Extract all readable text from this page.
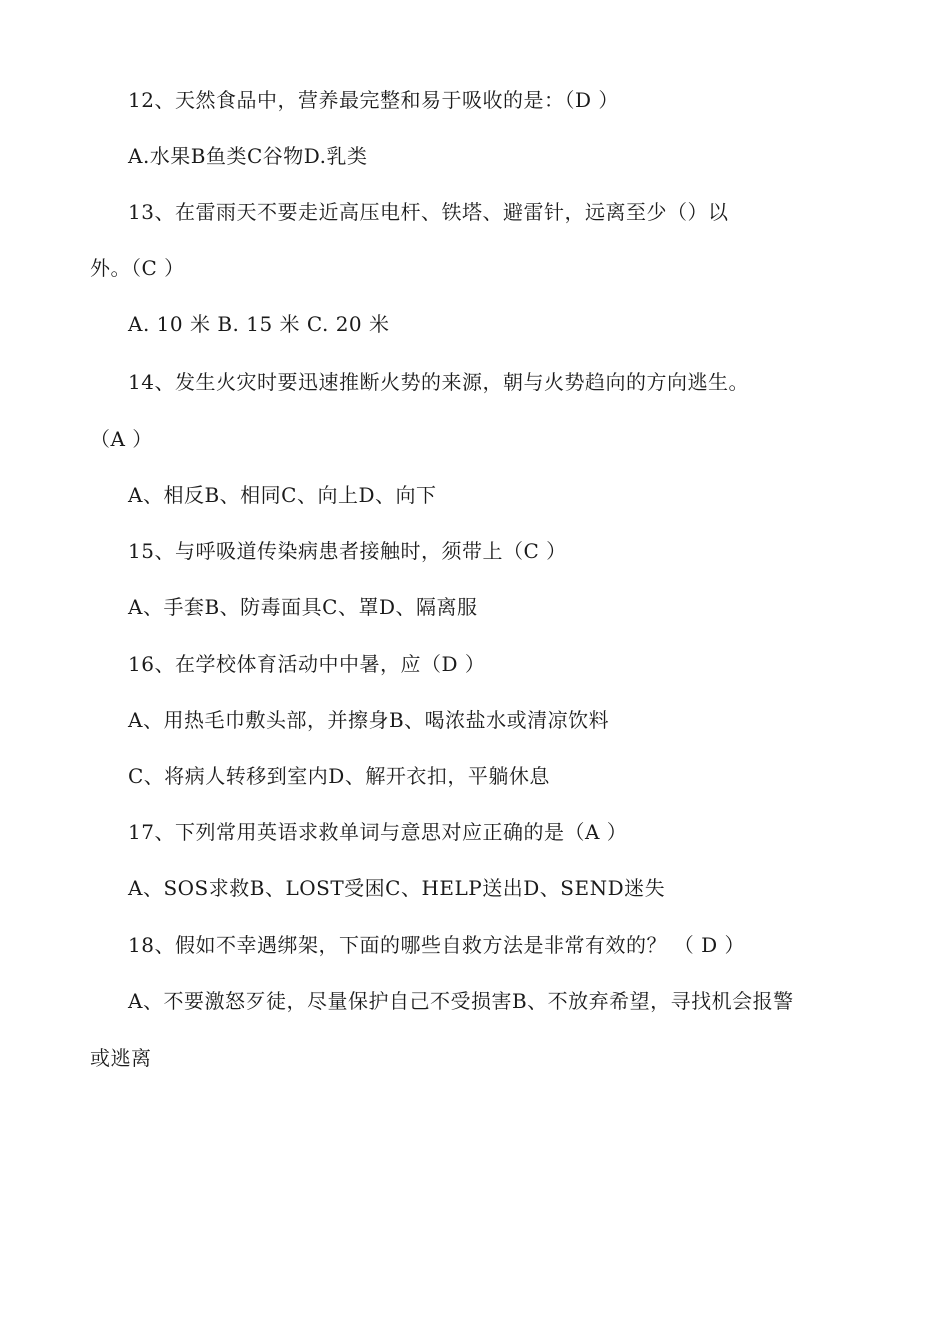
12、天然食品中，营养最完整和易于吸收的是：（D ）
A.水果B鱼类C谷物D.乳类
13、在雷雨天不要走近高压电杆、铁塔、避雷针，远离至少（）以
外。（C ）
A. 10 米 B. 15 米 C. 20 米
14、发生火灾时要迅速推断火势的来源，朝与火势趋向的方向逃生。
（A ）
A、相反B、相同C、向上D、向下
15、与呼吸道传染病患者接触时，须带上（C ）
A、手套B、防毒面具C、罩D、隔离服
16、在学校体育活动中中暑，应（D ）
A、用热毛巾敷头部，并擦身B、喝浓盐水或清凉饮料
C、将病人转移到室内D、解开衣扣，平躺休息
17、下列常用英语求救单词与意思对应正确的是（A ）
A、SOS求救B、LOST受困C、HELP送出D、SEND迷失
18、假如不幸遇绑架，下面的哪些自救方法是非常有效的？ （ D ）
A、不要激怒歹徒，尽量保护自己不受损害B、不放弃希望，寻找机会报警
或逃离
